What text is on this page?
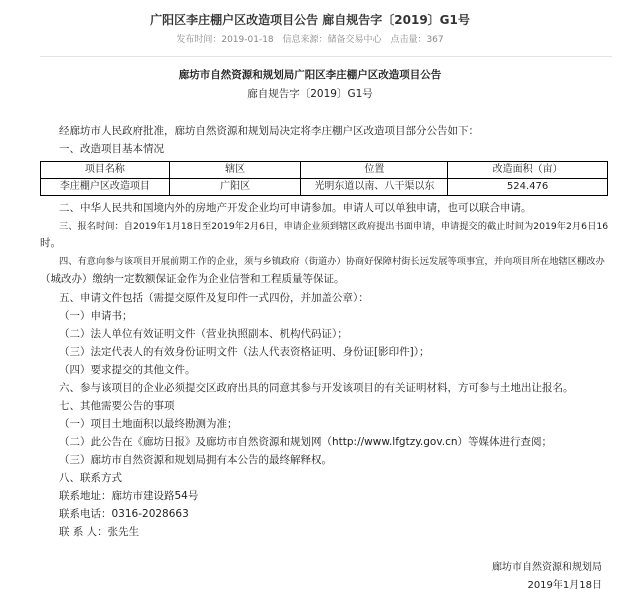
广阳区李庄棚户区改造项目公告 廊自规告字〔2019〕G1号
发布时间：2019-01-18 信息来源：储备交易中心 点击量：367
廊坊市自然资源和规划局广阳区李庄棚户区改造项目公告
廊自规告字〔2019〕G1号
经廊坊市人民政府批准，廊坊自然资源和规划局决定将李庄棚户区改造项目部分公告如下：
一、改造项目基本情况
项目名称	辖区	位置	改造面积（亩）
李庄棚户区改造项目	广阳区	光明东道以南、八干渠以东	524.476
二、中华人民共和国境内外的房地产开发企业均可申请参加。申请人可以单独申请，也可以联合申请。
三、报名时间：自2019年1月18日至2019年2月6日，申请企业须到辖区政府提出书面申请，申请提交的截止时间为2019年2月6日16
时。
四、有意向参与该项目开展前期工作的企业，须与乡镇政府（街道办）协商好保障村街长远发展等项事宜，并向项目所在地辖区棚改办
（城改办）缴纳一定数额保证金作为企业信誉和工程质量等保证。
五、申请文件包括（需提交原件及复印件一式四份，并加盖公章）：
（一）申请书；
（二）法人单位有效证明文件（营业执照副本、机构代码证）；
（三）法定代表人的有效身份证明文件（法人代表资格证明、身份证[影印件]）；
（四）要求提交的其他文件。
六、参与该项目的企业必须提交区政府出具的同意其参与开发该项目的有关证明材料，方可参与土地出让报名。
七、其他需要公告的事项
（一）项目土地面积以最终勘测为准；
（二）此公告在《廊坊日报》及廊坊市自然资源和规划网（http://www.lfgtzy.gov.cn）等媒体进行查阅；
（三）廊坊市自然资源和规划局拥有本公告的最终解释权。
八、联系方式
联系地址：廊坊市建设路54号
联系电话：0316-2028663
联 系 人：张先生
廊坊市自然资源和规划局
2019年1月18日
